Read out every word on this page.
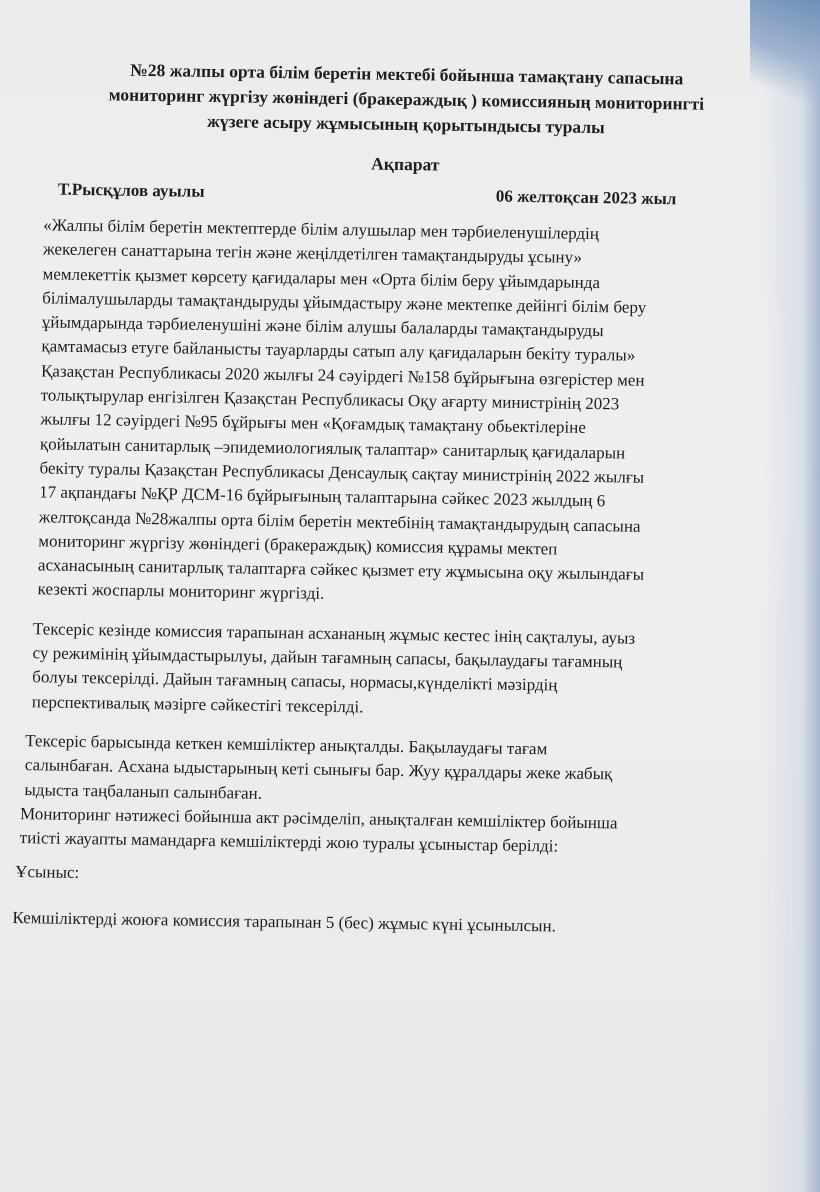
№28 жалпы орта білім беретін мектебі бойынша тамақтану сапасына
мониторинг жүргізу жөніндегі (бракераждық ) комиссияның мониторингті
жүзеге асыру жұмысының қорытындысы туралы
Ақпарат
Т.Рысқұлов ауылы	06 желтоқсан 2023 жыл
«Жалпы білім беретін мектептерде білім алушылар мен тәрбиеленушілердің
жекелеген санаттарына тегін және жеңілдетілген тамақтандыруды ұсыну»
мемлекеттік қызмет көрсету қағидалары мен «Орта білім беру ұйымдарында
білімалушыларды тамақтандыруды ұйымдастыру және мектепке дейінгі білім беру
ұйымдарында тәрбиеленушіні және білім алушы балаларды тамақтандыруды
қамтамасыз етуге байланысты тауарларды сатып алу қағидаларын бекіту туралы»
Қазақстан Республикасы 2020 жылғы 24 сәуірдегі №158 бұйрығына өзгерістер мен
толықтырулар енгізілген Қазақстан Республикасы Оқу ағарту министрінің 2023
жылғы 12 сәуірдегі №95 бұйрығы мен «Қоғамдық тамақтану обьектілеріне
қойылатын санитарлық –эпидемиологиялық талаптар» санитарлық қағидаларын
бекіту туралы Қазақстан Республикасы Денсаулық сақтау министрінің 2022 жылғы
17 ақпандағы №ҚР ДСМ-16 бұйрығының талаптарына сәйкес 2023 жылдың 6
желтоқсанда №28жалпы орта білім беретін мектебінің тамақтандырудың сапасына
мониторинг жүргізу жөніндегі (бракераждық) комиссия құрамы мектеп
асханасының санитарлық талаптарға сәйкес қызмет ету жұмысына оқу жылындағы
кезекті жоспарлы мониторинг жүргізді.
Тексеріс кезінде комиссия тарапынан асхананың жұмыс кестес інің сақталуы, ауыз
су режимінің ұйымдастырылуы, дайын тағамның сапасы, бақылаудағы тағамның
болуы тексерілді. Дайын тағамның сапасы, нормасы,күнделікті мәзірдің
перспективалық мәзірге сәйкестігі тексерілді.
Тексеріс барысында кеткен кемшіліктер анықталды. Бақылаудағы тағам
салынбаған. Асхана ыдыстарының кеті сынығы бар. Жуу құралдары жеке жабық
ыдыста таңбаланып салынбаған.
Мониторинг нәтижесі бойынша акт рәсімделіп, анықталған кемшіліктер бойынша
тиісті жауапты мамандарға кемшіліктерді жою туралы ұсыныстар берілді:
Ұсыныс:
Кемшіліктерді жоюға комиссия тарапынан 5 (бес) жұмыс күні ұсынылсын.
